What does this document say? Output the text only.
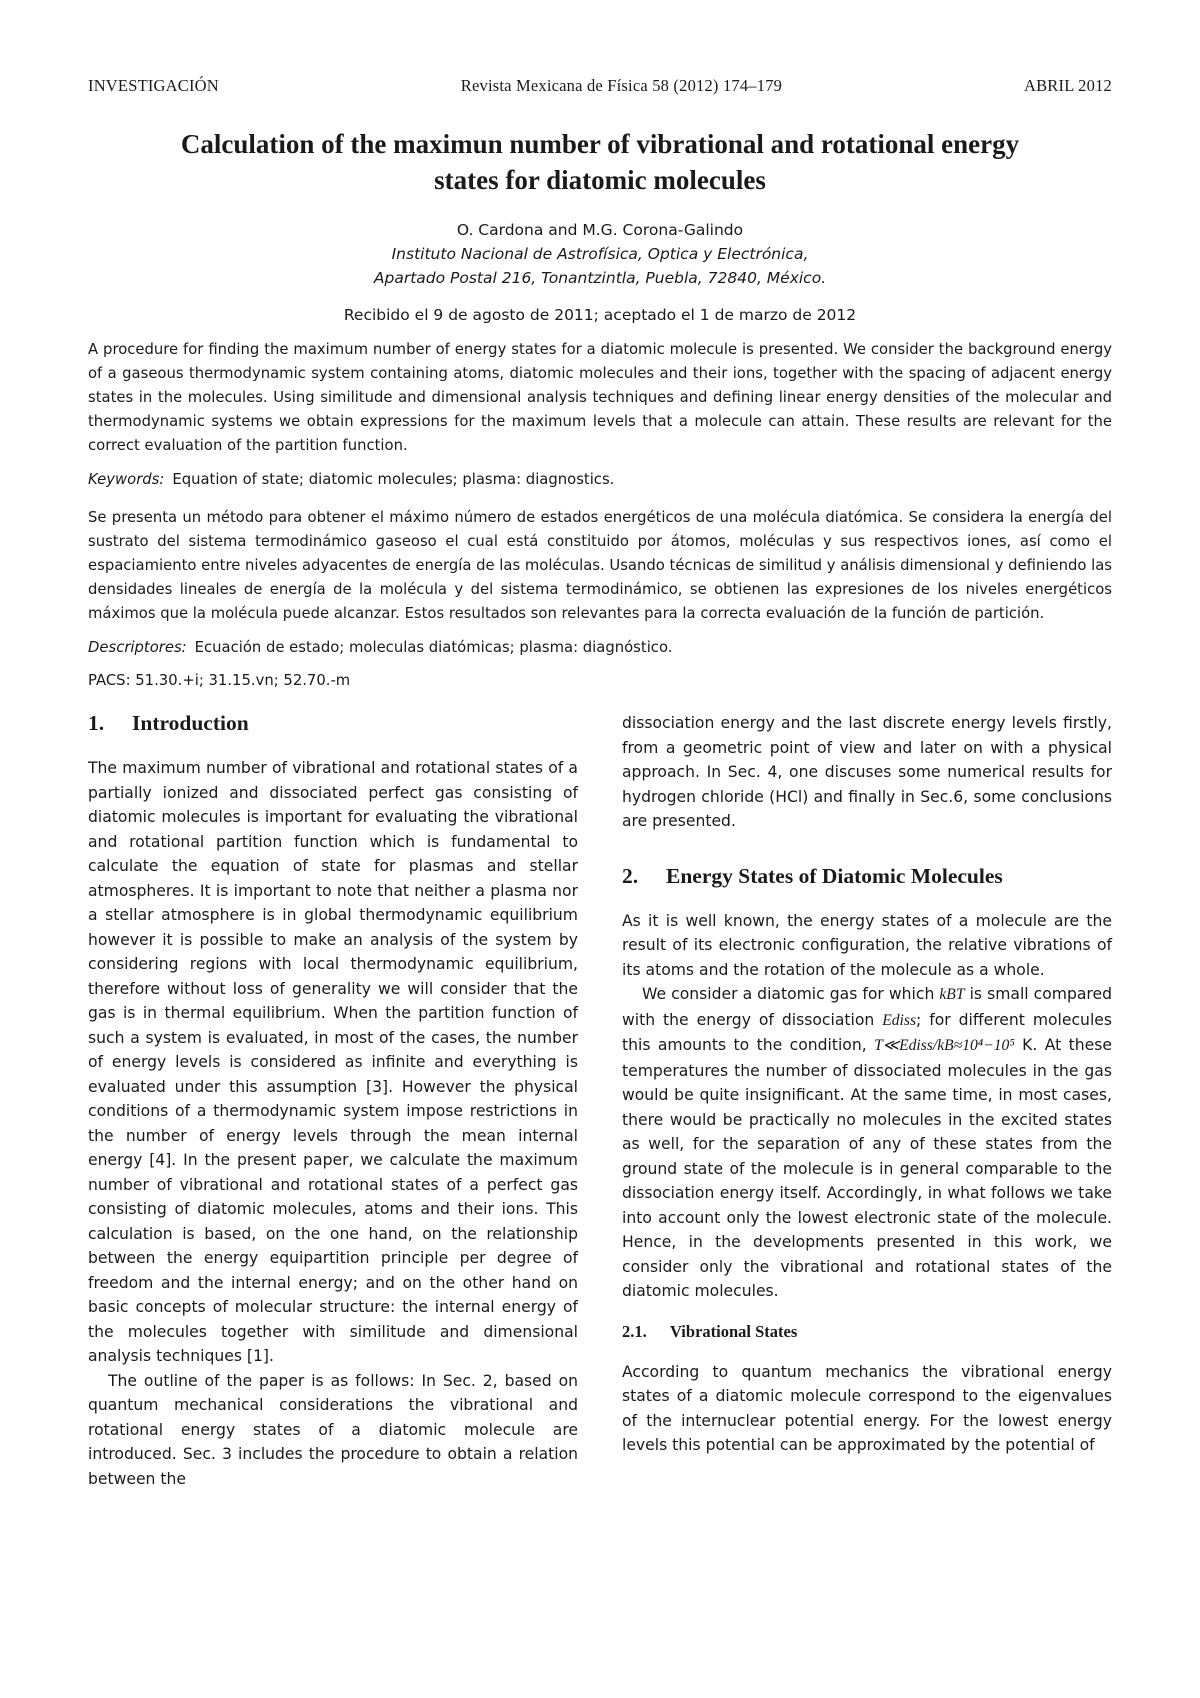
INVESTIGACIÓN	Revista Mexicana de Física 58 (2012) 174–179	ABRIL 2012
Calculation of the maximun number of vibrational and rotational energy states for diatomic molecules
O. Cardona and M.G. Corona-Galindo
Instituto Nacional de Astrofísica, Optica y Electrónica,
Apartado Postal 216, Tonantzintla, Puebla, 72840, México.
Recibido el 9 de agosto de 2011; aceptado el 1 de marzo de 2012

A procedure for finding the maximum number of energy states for a diatomic molecule is presented. We consider the background energy of a gaseous thermodynamic system containing atoms, diatomic molecules and their ions, together with the spacing of adjacent energy states in the molecules. Using similitude and dimensional analysis techniques and defining linear energy densities of the molecular and thermodynamic systems we obtain expressions for the maximum levels that a molecule can attain. These results are relevant for the correct evaluation of the partition function.

Keywords: Equation of state; diatomic molecules; plasma: diagnostics.

Se presenta un método para obtener el máximo número de estados energéticos de una molécula diatómica. Se considera la energía del sustrato del sistema termodinámico gaseoso el cual está constituido por átomos, moléculas y sus respectivos iones, así como el espaciamiento entre niveles adyacentes de energía de las moléculas. Usando técnicas de similitud y análisis dimensional y definiendo las densidades lineales de energía de la molécula y del sistema termodinámico, se obtienen las expresiones de los niveles energéticos máximos que la molécula puede alcanzar. Estos resultados son relevantes para la correcta evaluación de la función de partición.

Descriptores: Ecuación de estado; moleculas diatómicas; plasma: diagnóstico.
PACS: 51.30.+i; 31.15.vn; 52.70.-m
1.	Introduction

The maximum number of vibrational and rotational states of a partially ionized and dissociated perfect gas consisting of diatomic molecules is important for evaluating the vibrational and rotational partition function which is fundamental to calculate the equation of state for plasmas and stellar atmospheres. It is important to note that neither a plasma nor a stellar atmosphere is in global thermodynamic equilibrium however it is possible to make an analysis of the system by considering regions with local thermodynamic equilibrium, therefore without loss of generality we will consider that the gas is in thermal equilibrium. When the partition function of such a system is evaluated, in most of the cases, the number of energy levels is considered as infinite and everything is evaluated under this assumption [3]. However the physical conditions of a thermodynamic system impose restrictions in the number of energy levels through the mean internal energy [4]. In the present paper, we calculate the maximum number of vibrational and rotational states of a perfect gas consisting of diatomic molecules, atoms and their ions. This calculation is based, on the one hand, on the relationship between the energy equipartition principle per degree of freedom and the internal energy; and on the other hand on basic concepts of molecular structure: the internal energy of the molecules together with similitude and dimensional analysis techniques [1].

The outline of the paper is as follows: In Sec. 2, based on quantum mechanical considerations the vibrational and rotational energy states of a diatomic molecule are introduced. Sec. 3 includes the procedure to obtain a relation between the

dissociation energy and the last discrete energy levels firstly, from a geometric point of view and later on with a physical approach. In Sec. 4, one discuses some numerical results for hydrogen chloride (HCl) and finally in Sec.6, some conclusions are presented.

2.	Energy States of Diatomic Molecules

As it is well known, the energy states of a molecule are the result of its electronic configuration, the relative vibrations of its atoms and the rotation of the molecule as a whole.

We consider a diatomic gas for which kBT is small compared with the energy of dissociation Ediss; for different molecules this amounts to the condition, T≪Ediss/kB≈10⁴−10⁵ K. At these temperatures the number of dissociated molecules in the gas would be quite insignificant. At the same time, in most cases, there would be practically no molecules in the excited states as well, for the separation of any of these states from the ground state of the molecule is in general comparable to the dissociation energy itself. Accordingly, in what follows we take into account only the lowest electronic state of the molecule. Hence, in the developments presented in this work, we consider only the vibrational and rotational states of the diatomic molecules.

2.1.	Vibrational States

According to quantum mechanics the vibrational energy states of a diatomic molecule correspond to the eigenvalues of the internuclear potential energy. For the lowest energy levels this potential can be approximated by the potential of
